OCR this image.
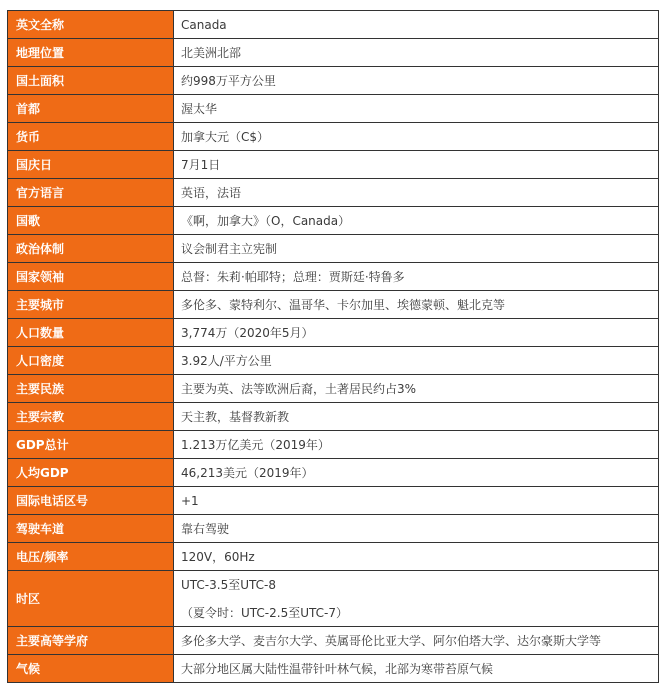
英文全称	Canada
地理位置	北美洲北部
国土面积	约998万平方公里
首都	渥太华
货币	加拿大元（C$）
国庆日	7月1日
官方语言	英语，法语
国歌	《啊，加拿大》（O，Canada）
政治体制	议会制君主立宪制
国家领袖	总督：朱莉·帕耶特；总理：贾斯廷·特鲁多
主要城市	多伦多、蒙特利尔、温哥华、卡尔加里、埃德蒙顿、魁北克等
人口数量	3,774万（2020年5月）
人口密度	3.92人/平方公里
主要民族	主要为英、法等欧洲后裔，土著居民约占3%
主要宗教	天主教，基督教新教
GDP总计	1.213万亿美元（2019年）
人均GDP	46,213美元（2019年）
国际电话区号	+1
驾驶车道	靠右驾驶
电压/频率	120V，60Hz
时区	UTC-3.5至UTC-8
（夏令时：UTC-2.5至UTC-7）

主要高等学府	多伦多大学、麦吉尔大学、英属哥伦比亚大学、阿尔伯塔大学、达尔豪斯大学等
气候	大部分地区属大陆性温带针叶林气候，北部为寒带苔原气候
